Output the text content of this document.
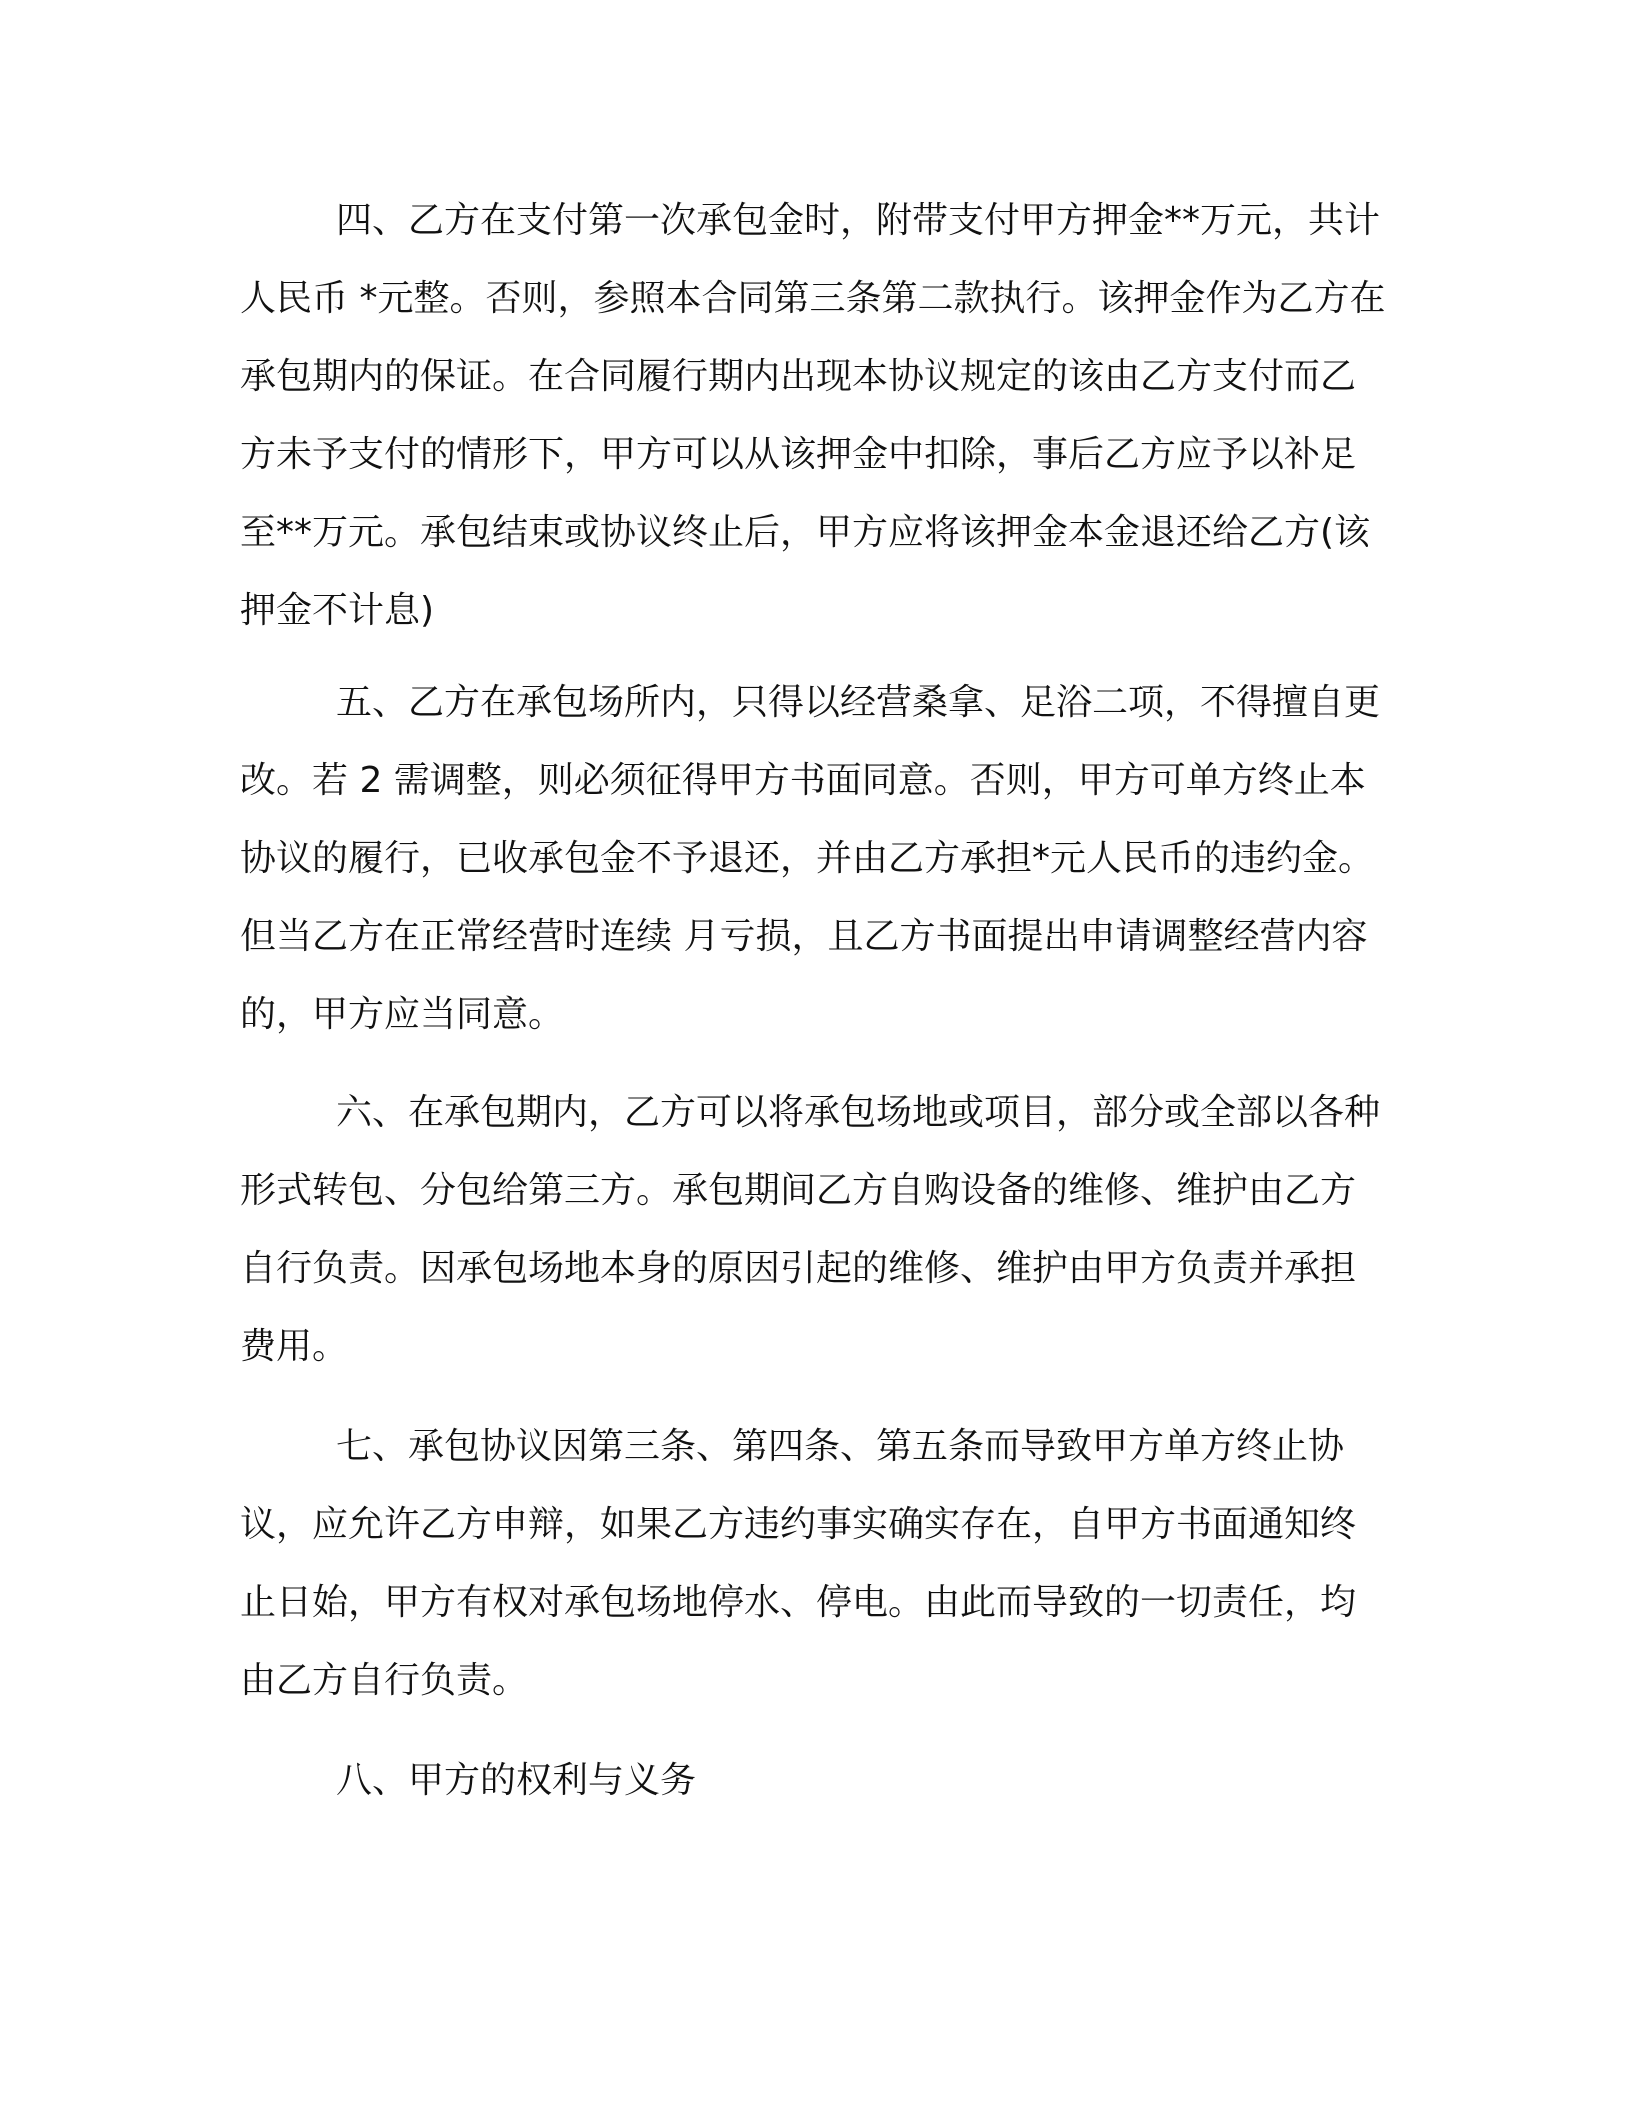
四、乙方在支付第一次承包金时，附带支付甲方押金**万元，共计人民币 *元整。否则，参照本合同第三条第二款执行。该押金作为乙方在承包期内的保证。在合同履行期内出现本协议规定的该由乙方支付而乙方未予支付的情形下，甲方可以从该押金中扣除，事后乙方应予以补足至**万元。承包结束或协议终止后，甲方应将该押金本金退还给乙方(该押金不计息)

五、乙方在承包场所内，只得以经营桑拿、足浴二项，不得擅自更改。若 2 需调整，则必须征得甲方书面同意。否则，甲方可单方终止本协议的履行，已收承包金不予退还，并由乙方承担*元人民币的违约金。但当乙方在正常经营时连续 月亏损，且乙方书面提出申请调整经营内容的，甲方应当同意。

六、在承包期内，乙方可以将承包场地或项目，部分或全部以各种形式转包、分包给第三方。承包期间乙方自购设备的维修、维护由乙方自行负责。因承包场地本身的原因引起的维修、维护由甲方负责并承担费用。

七、承包协议因第三条、第四条、第五条而导致甲方单方终止协议，应允许乙方申辩，如果乙方违约事实确实存在，自甲方书面通知终止日始，甲方有权对承包场地停水、停电。由此而导致的一切责任，均由乙方自行负责。

八、甲方的权利与义务
